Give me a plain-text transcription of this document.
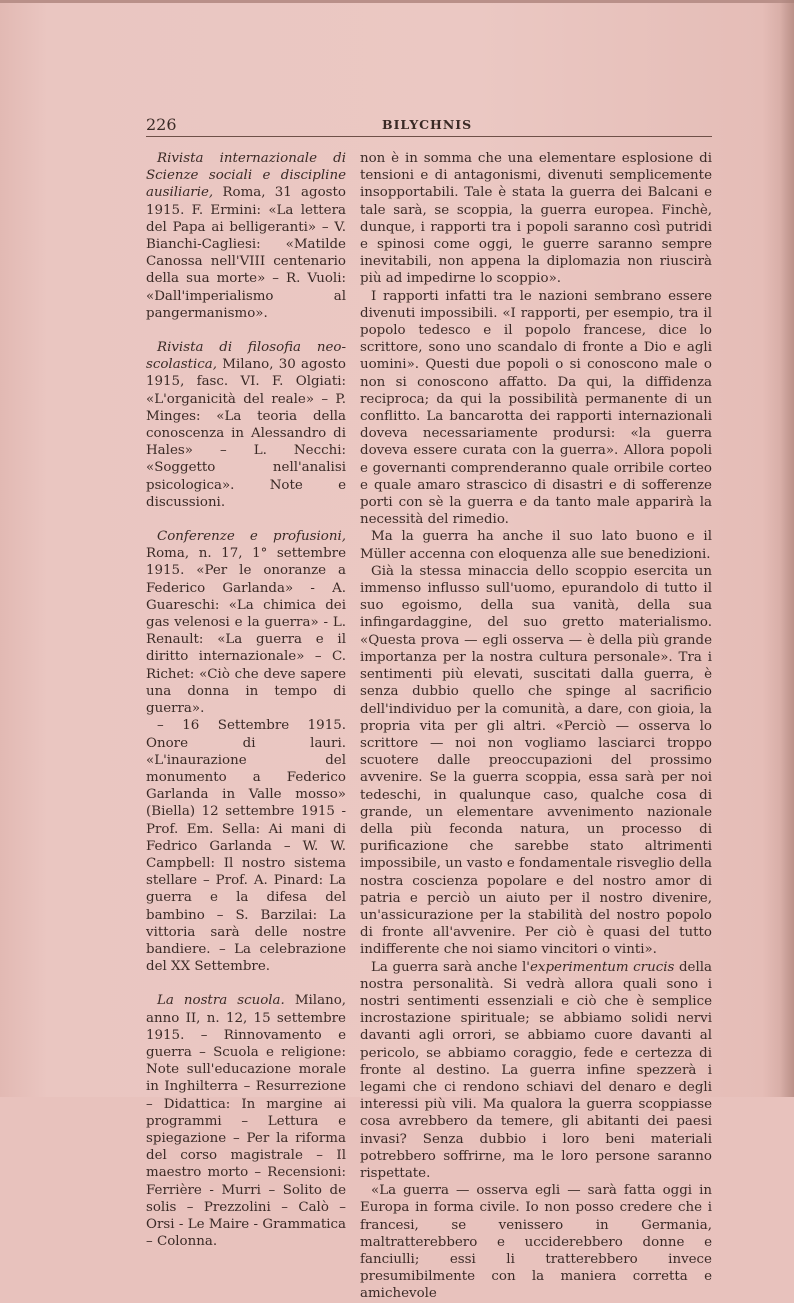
226	BILYCHNIS

Rivista internazionale di Scienze sociali e discipline ausiliarie, Roma, 31 agosto 1915. F. Ermini: «La lettera del Papa ai belligeranti» – V. Bianchi-Cagliesi: «Matilde Canossa nell'VIII centenario della sua morte» – R. Vuoli: «Dall'imperialismo al pangermanismo».

Rivista di filosofia neo-scolastica, Milano, 30 agosto 1915, fasc. VI. F. Olgiati: «L'organicità del reale» – P. Minges: «La teoria della conoscenza in Alessandro di Hales» – L. Necchi: «Soggetto nell'analisi psicologica». Note e discussioni.

Conferenze e profusioni, Roma, n. 17, 1° settembre 1915. «Per le onoranze a Federico Garlanda» - A. Guareschi: «La chimica dei gas velenosi e la guerra» - L. Renault: «La guerra e il diritto internazionale» – C. Richet: «Ciò che deve sapere una donna in tempo di guerra».

– 16 Settembre 1915. Onore di lauri. «L'inaurazione del monumento a Federico Garlanda in Valle mosso» (Biella) 12 settembre 1915 - Prof. Em. Sella: Ai mani di Fedrico Garlanda – W. W. Campbell: Il nostro sistema stellare – Prof. A. Pinard: La guerra e la difesa del bambino – S. Barzilai: La vittoria sarà delle nostre bandiere. – La celebrazione del XX Settembre.

La nostra scuola. Milano, anno II, n. 12, 15 settembre 1915. – Rinnovamento e guerra – Scuola e religione: Note sull'educazione morale in Inghilterra – Resurrezione – Didattica: In margine ai programmi – Lettura e spiegazione – Per la riforma del corso magistrale – Il maestro morto – Recensioni: Ferrière - Murri – Solito de solis – Prezzolini – Calò – Orsi - Le Maire - Grammatica – Colonna.

non è in somma che una elementare esplosione di tensioni e di antagonismi, divenuti semplicemente insopportabili. Tale è stata la guerra dei Balcani e tale sarà, se scoppia, la guerra europea. Finchè, dunque, i rapporti tra i popoli saranno così putridi e spinosi come oggi, le guerre saranno sempre inevitabili, non appena la diplomazia non riuscirà più ad impedirne lo scoppio».

I rapporti infatti tra le nazioni sembrano essere divenuti impossibili. «I rapporti, per esempio, tra il popolo tedesco e il popolo francese, dice lo scrittore, sono uno scandalo di fronte a Dio e agli uomini». Questi due popoli o si conoscono male o non si conoscono affatto. Da qui, la diffidenza reciproca; da qui la possibilità permanente di un conflitto. La bancarotta dei rapporti internazionali doveva necessariamente prodursi: «la guerra doveva essere curata con la guerra». Allora popoli e governanti comprenderanno quale orribile corteo e quale amaro strascico di disastri e di sofferenze porti con sè la guerra e da tanto male apparirà la necessità del rimedio.

Ma la guerra ha anche il suo lato buono e il Müller accenna con eloquenza alle sue benedizioni.

Già la stessa minaccia dello scoppio esercita un immenso influsso sull'uomo, epurandolo di tutto il suo egoismo, della sua vanità, della sua infingardaggine, del suo gretto materialismo. «Questa prova — egli osserva — è della più grande importanza per la nostra cultura personale». Tra i sentimenti più elevati, suscitati dalla guerra, è senza dubbio quello che spinge al sacrificio dell'individuo per la comunità, a dare, con gioia, la propria vita per gli altri. «Perciò — osserva lo scrittore — noi non vogliamo lasciarci troppo scuotere dalle preoccupazioni del prossimo avvenire. Se la guerra scoppia, essa sarà per noi tedeschi, in qualunque caso, qualche cosa di grande, un elementare avvenimento nazionale della più feconda natura, un processo di purificazione che sarebbe stato altrimenti impossibile, un vasto e fondamentale risveglio della nostra coscienza popolare e del nostro amor di patria e perciò un aiuto per il nostro divenire, un'assicurazione per la stabilità del nostro popolo di fronte all'avvenire. Per ciò è quasi del tutto indifferente che noi siamo vincitori o vinti».

La guerra sarà anche l'experimentum crucis della nostra personalità. Si vedrà allora quali sono i nostri sentimenti essenziali e ciò che è semplice incrostazione spirituale; se abbiamo solidi nervi davanti agli orrori, se abbiamo cuore davanti al pericolo, se abbiamo coraggio, fede e certezza di fronte al destino. La guerra infine spezzerà i legami che ci rendono schiavi del denaro e degli interessi più vili. Ma qualora la guerra scoppiasse cosa avrebbero da temere, gli abitanti dei paesi invasi? Senza dubbio i loro beni materiali potrebbero soffrirne, ma le loro persone saranno rispettate.

«La guerra — osserva egli — sarà fatta oggi in Europa in forma civile. Io non posso credere che i francesi, se venissero in Germania, maltratterebbero e ucciderebbero donne e fanciulli; essi li tratterebbero invece presumibilmente con la maniera corretta e amichevole
